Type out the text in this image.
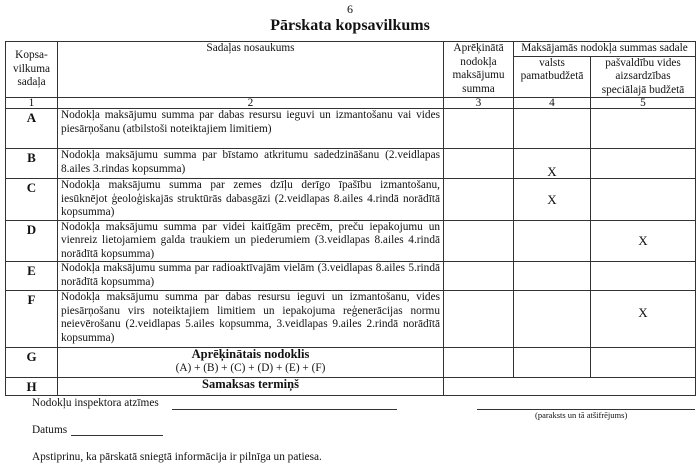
6
Pārskata kopsavilkums
Kopsa-vilkuma sadaļa	Sadaļas nosaukums	Aprēķinātā nodokļa maksājumu summa	Maksājamās nodokļa summas sadale	
			valsts pamatbudžetā	pašvaldību vides aizsardzības speciālajā budžetā
1	2	3	4	5
A	Nodokļa maksājumu summa par dabas resursu ieguvi un izmantošanu vai vides piesārņošanu (atbilstoši noteiktajiem limitiem)			
B	Nodokļa maksājumu summa par bīstamo atkritumu sadedzināšanu (2.veidlapas 8.ailes 3.rindas kopsumma)		X	
C	Nodokļa maksājumu summa par zemes dzīļu derīgo īpašību izmantošanu, iesūknējot ģeoloģiskajās struktūrās dabasgāzi (2.veidlapas 8.ailes 4.rindā norādītā kopsumma)		X	
D	Nodokļa maksājumu summa par videi kaitīgām precēm, preču iepakojumu un vienreiz lietojamiem galda traukiem un piederumiem (3.veidlapas 8.ailes 4.rindā norādītā kopsumma)			X
E	Nodokļa maksājumu summa par radioaktīvajām vielām (3.veidlapas 8.ailes 5.rindā norādītā kopsumma)			
F	Nodokļa maksājumu summa par dabas resursu ieguvi un izmantošanu, vides piesārņošanu virs noteiktajiem limitiem un iepakojuma reģenerācijas normu neievērošanu (2.veidlapas 5.ailes kopsumma, 3.veidlapas 9.ailes 2.rindā norādītā kopsumma)			X
G	Aprēķinātais nodoklis
(A) + (B) + (C) + (D) + (E) + (F)			

H	Samaksas termiņš			
Nodokļu inspektora atzīmes
(paraksts un tā atšifrējums)
Datums
Apstiprinu, ka pārskatā sniegtā informācija ir pilnīga un patiesa.
